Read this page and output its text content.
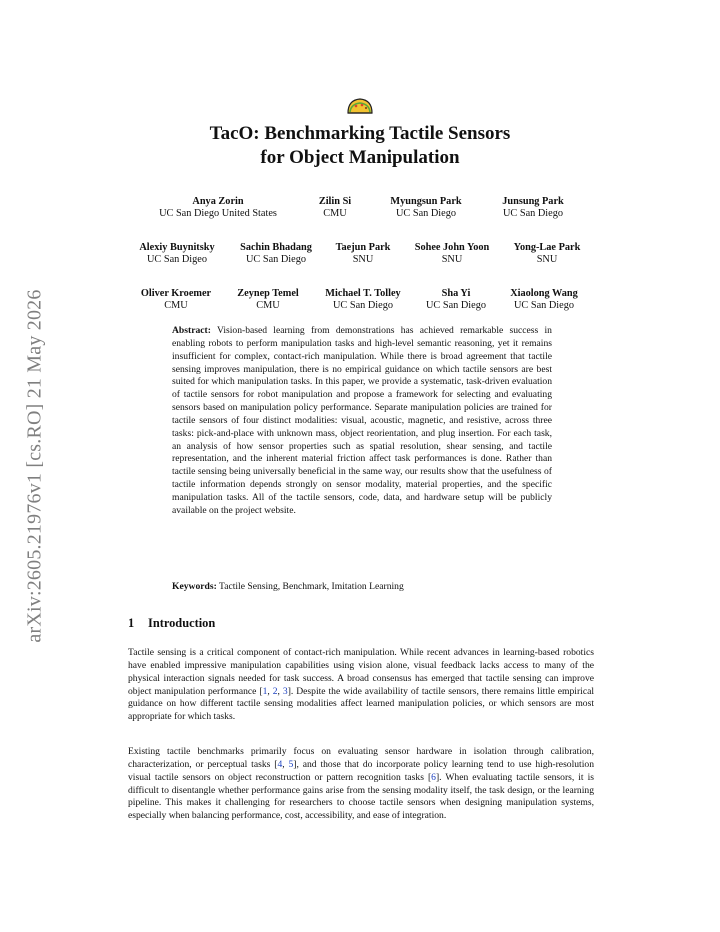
arXiv:2605.21976v1 [cs.RO] 21 May 2026
TacO: Benchmarking Tactile Sensors
for Object Manipulation
Anya Zorin
UC San Diego United States
Zilin Si
CMU
Myungsun Park
UC San Diego
Junsung Park
UC San Diego
Alexiy Buynitsky
UC San Digeo
Sachin Bhadang
UC San Diego
Taejun Park
SNU
Sohee John Yoon
SNU
Yong-Lae Park
SNU
Oliver Kroemer
CMU
Zeynep Temel
CMU
Michael T. Tolley
UC San Diego
Sha Yi
UC San Diego
Xiaolong Wang
UC San Diego
Abstract: Vision-based learning from demonstrations has achieved remarkable success in enabling robots to perform manipulation tasks and high-level semantic reasoning, yet it remains insufficient for complex, contact-rich manipulation. While there is broad agreement that tactile sensing improves manipulation, there is no empirical guidance on which tactile sensors are best suited for which manipulation tasks. In this paper, we provide a systematic, task-driven evaluation of tactile sensors for robot manipulation and propose a framework for selecting and evaluating sensors based on manipulation policy performance. Separate manipulation policies are trained for tactile sensors of four distinct modalities: visual, acoustic, magnetic, and resistive, across three tasks: pick-and-place with unknown mass, object reorientation, and plug insertion. For each task, an analysis of how sensor properties such as spatial resolution, shear sensing, and tactile representation, and the inherent material friction affect task performances is done. Rather than tactile sensing being universally beneficial in the same way, our results show that the usefulness of tactile information depends strongly on sensor modality, material properties, and the specific manipulation tasks. All of the tactile sensors, code, data, and hardware setup will be publicly available on the project website.
Keywords: Tactile Sensing, Benchmark, Imitation Learning
1 Introduction
Tactile sensing is a critical component of contact-rich manipulation. While recent advances in learning-based robotics have enabled impressive manipulation capabilities using vision alone, visual feedback lacks access to many of the physical interaction signals needed for task success. A broad consensus has emerged that tactile sensing can improve object manipulation performance [1, 2, 3]. Despite the wide availability of tactile sensors, there remains little empirical guidance on how different tactile sensing modalities affect learned manipulation policies, or which sensors are most appropriate for which tasks.
Existing tactile benchmarks primarily focus on evaluating sensor hardware in isolation through calibration, characterization, or perceptual tasks [4, 5], and those that do incorporate policy learning tend to use high-resolution visual tactile sensors on object reconstruction or pattern recognition tasks [6]. When evaluating tactile sensors, it is difficult to disentangle whether performance gains arise from the sensing modality itself, the task design, or the learning pipeline. This makes it challenging for researchers to choose tactile sensors when designing manipulation systems, especially when balancing performance, cost, accessibility, and ease of integration.
